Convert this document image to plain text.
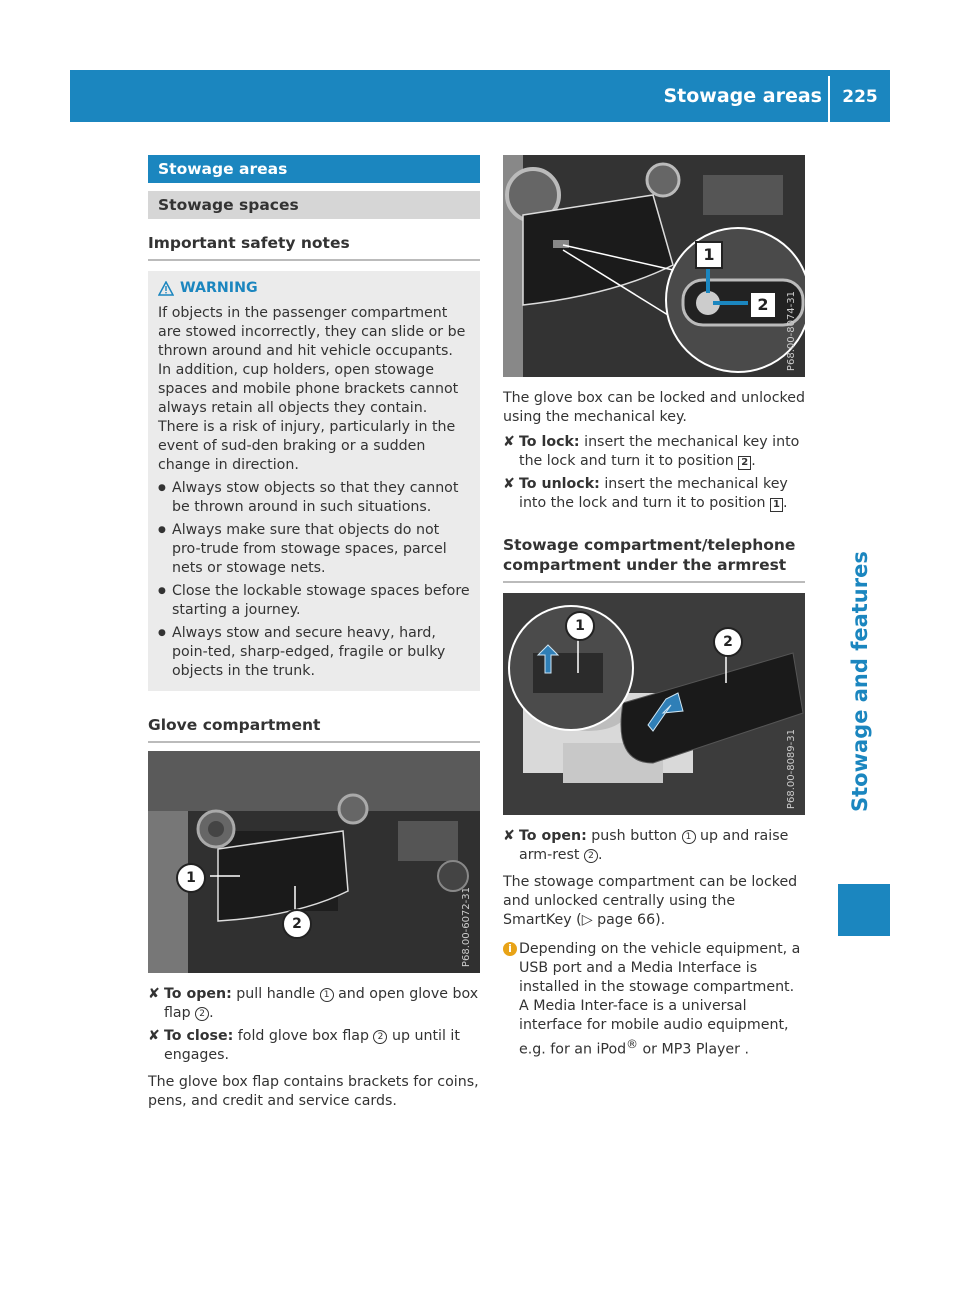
Stowage areas	225
Stowage and features
Stowage areas
Stowage spaces
Important safety notes
WARNING

If objects in the passenger compartment are stowed incorrectly, they can slide or be thrown around and hit vehicle occupants. In addition, cup holders, open stowage spaces and mobile phone brackets cannot always retain all objects they contain. There is a risk of injury, particularly in the event of sud-den braking or a sudden change in direction.

● Always stow objects so that they cannot be thrown around in such situations.
● Always make sure that objects do not pro-trude from stowage spaces, parcel nets or stowage nets.
● Close the lockable stowage spaces before starting a journey.
● Always stow and secure heavy, hard, poin-ted, sharp-edged, fragile or bulky objects in the trunk.
Glove compartment
1
2	P68.00-6072-31
✘ To open: pull handle 1 and open glove box flap 2 .
✘ To close: fold glove box flap 2 up until it engages.

The glove box flap contains brackets for coins, pens, and credit and service cards.

1
2	P68.00-8074-31

The glove box can be locked and unlocked using the mechanical key.

✘ To lock: insert the mechanical key into the lock and turn it to position 2 .
✘ To unlock: insert the mechanical key into the lock and turn it to position 1 .
Stowage compartment/telephone compartment under the armrest
1
2
P68.00-8089-31
✘ To open: push button 1 up and raise arm-rest 2 .

The stowage compartment can be locked and unlocked centrally using the SmartKey (▷ page 66).

i Depending on the vehicle equipment, a USB port and a Media Interface is installed in the stowage compartment. A Media Inter-face is a universal interface for mobile audio equipment, e.g. for an iPod® or MP3 Player .
